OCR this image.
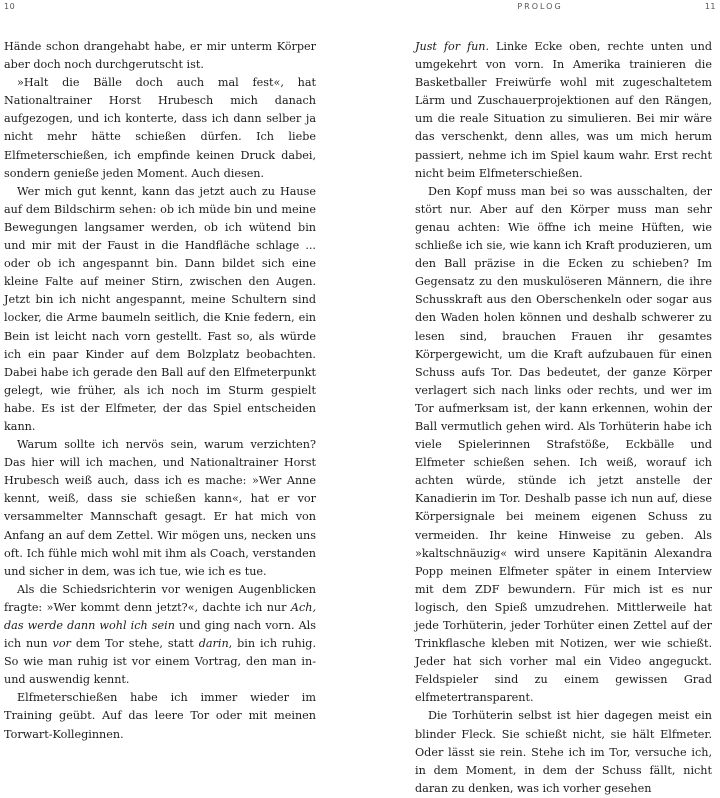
10

Hände schon drangehabt habe, er mir unterm Körper aber doch noch durchgerutscht ist.

»Halt die Bälle doch auch mal fest«, hat Nationaltrainer Horst Hrubesch mich danach aufgezogen, und ich konterte, dass ich dann selber ja nicht mehr hätte schießen dürfen. Ich liebe Elfmeterschießen, ich empfinde keinen Druck dabei, sondern genieße jeden Moment. Auch diesen.

Wer mich gut kennt, kann das jetzt auch zu Hause auf dem Bildschirm sehen: ob ich müde bin und meine Bewegungen langsamer werden, ob ich wütend bin und mir mit der Faust in die Handfläche schlage ... oder ob ich angespannt bin. Dann bildet sich eine kleine Falte auf meiner Stirn, zwischen den Augen. Jetzt bin ich nicht angespannt, meine Schultern sind locker, die Arme baumeln seitlich, die Knie federn, ein Bein ist leicht nach vorn gestellt. Fast so, als würde ich ein paar Kinder auf dem Bolzplatz beobachten. Dabei habe ich gerade den Ball auf den Elfmeterpunkt gelegt, wie früher, als ich noch im Sturm gespielt habe. Es ist der Elfmeter, der das Spiel entscheiden kann.

Warum sollte ich nervös sein, warum verzichten? Das hier will ich machen, und Nationaltrainer Horst Hrubesch weiß auch, dass ich es mache: »Wer Anne kennt, weiß, dass sie schießen kann«, hat er vor versammelter Mannschaft gesagt. Er hat mich von Anfang an auf dem Zettel. Wir mögen uns, necken uns oft. Ich fühle mich wohl mit ihm als Coach, verstanden und sicher in dem, was ich tue, wie ich es tue.

Als die Schiedsrichterin vor wenigen Augenblicken fragte: »Wer kommt denn jetzt?«, dachte ich nur Ach, das werde dann wohl ich sein und ging nach vorn. Als ich nun vor dem Tor stehe, statt darin, bin ich ruhig. So wie man ruhig ist vor einem Vortrag, den man in- und auswendig kennt.

Elfmeterschießen habe ich immer wieder im Training geübt. Auf das leere Tor oder mit meinen Torwart-Kolleginnen.

PROLOG	11

Just for fun. Linke Ecke oben, rechte unten und umgekehrt von vorn. In Amerika trainieren die Basketballer Freiwürfe wohl mit zugeschaltetem Lärm und Zuschauerprojektionen auf den Rängen, um die reale Situation zu simulieren. Bei mir wäre das verschenkt, denn alles, was um mich herum passiert, nehme ich im Spiel kaum wahr. Erst recht nicht beim Elfmeterschießen.

Den Kopf muss man bei so was ausschalten, der stört nur. Aber auf den Körper muss man sehr genau achten: Wie öffne ich meine Hüften, wie schließe ich sie, wie kann ich Kraft produzieren, um den Ball präzise in die Ecken zu schieben? Im Gegensatz zu den muskulöseren Männern, die ihre Schusskraft aus den Oberschenkeln oder sogar aus den Waden holen können und deshalb schwerer zu lesen sind, brauchen Frauen ihr gesamtes Körpergewicht, um die Kraft aufzubauen für einen Schuss aufs Tor. Das bedeutet, der ganze Körper verlagert sich nach links oder rechts, und wer im Tor aufmerksam ist, der kann erkennen, wohin der Ball vermutlich gehen wird. Als Torhüterin habe ich viele Spielerinnen Strafstöße, Eckbälle und Elfmeter schießen sehen. Ich weiß, worauf ich achten würde, stünde ich jetzt anstelle der Kanadierin im Tor. Deshalb passe ich nun auf, diese Körpersignale bei meinem eigenen Schuss zu vermeiden. Ihr keine Hinweise zu geben. Als »kaltschnäuzig« wird unsere Kapitänin Alexandra Popp meinen Elfmeter später in einem Interview mit dem ZDF bewundern. Für mich ist es nur logisch, den Spieß umzudrehen. Mittlerweile hat jede Torhüterin, jeder Torhüter einen Zettel auf der Trinkflasche kleben mit Notizen, wer wie schießt. Jeder hat sich vorher mal ein Video angeguckt. Feldspieler sind zu einem gewissen Grad elfmetertransparent.

Die Torhüterin selbst ist hier dagegen meist ein blinder Fleck. Sie schießt nicht, sie hält Elfmeter. Oder lässt sie rein. Stehe ich im Tor, versuche ich, in dem Moment, in dem der Schuss fällt, nicht daran zu denken, was ich vorher gesehen
